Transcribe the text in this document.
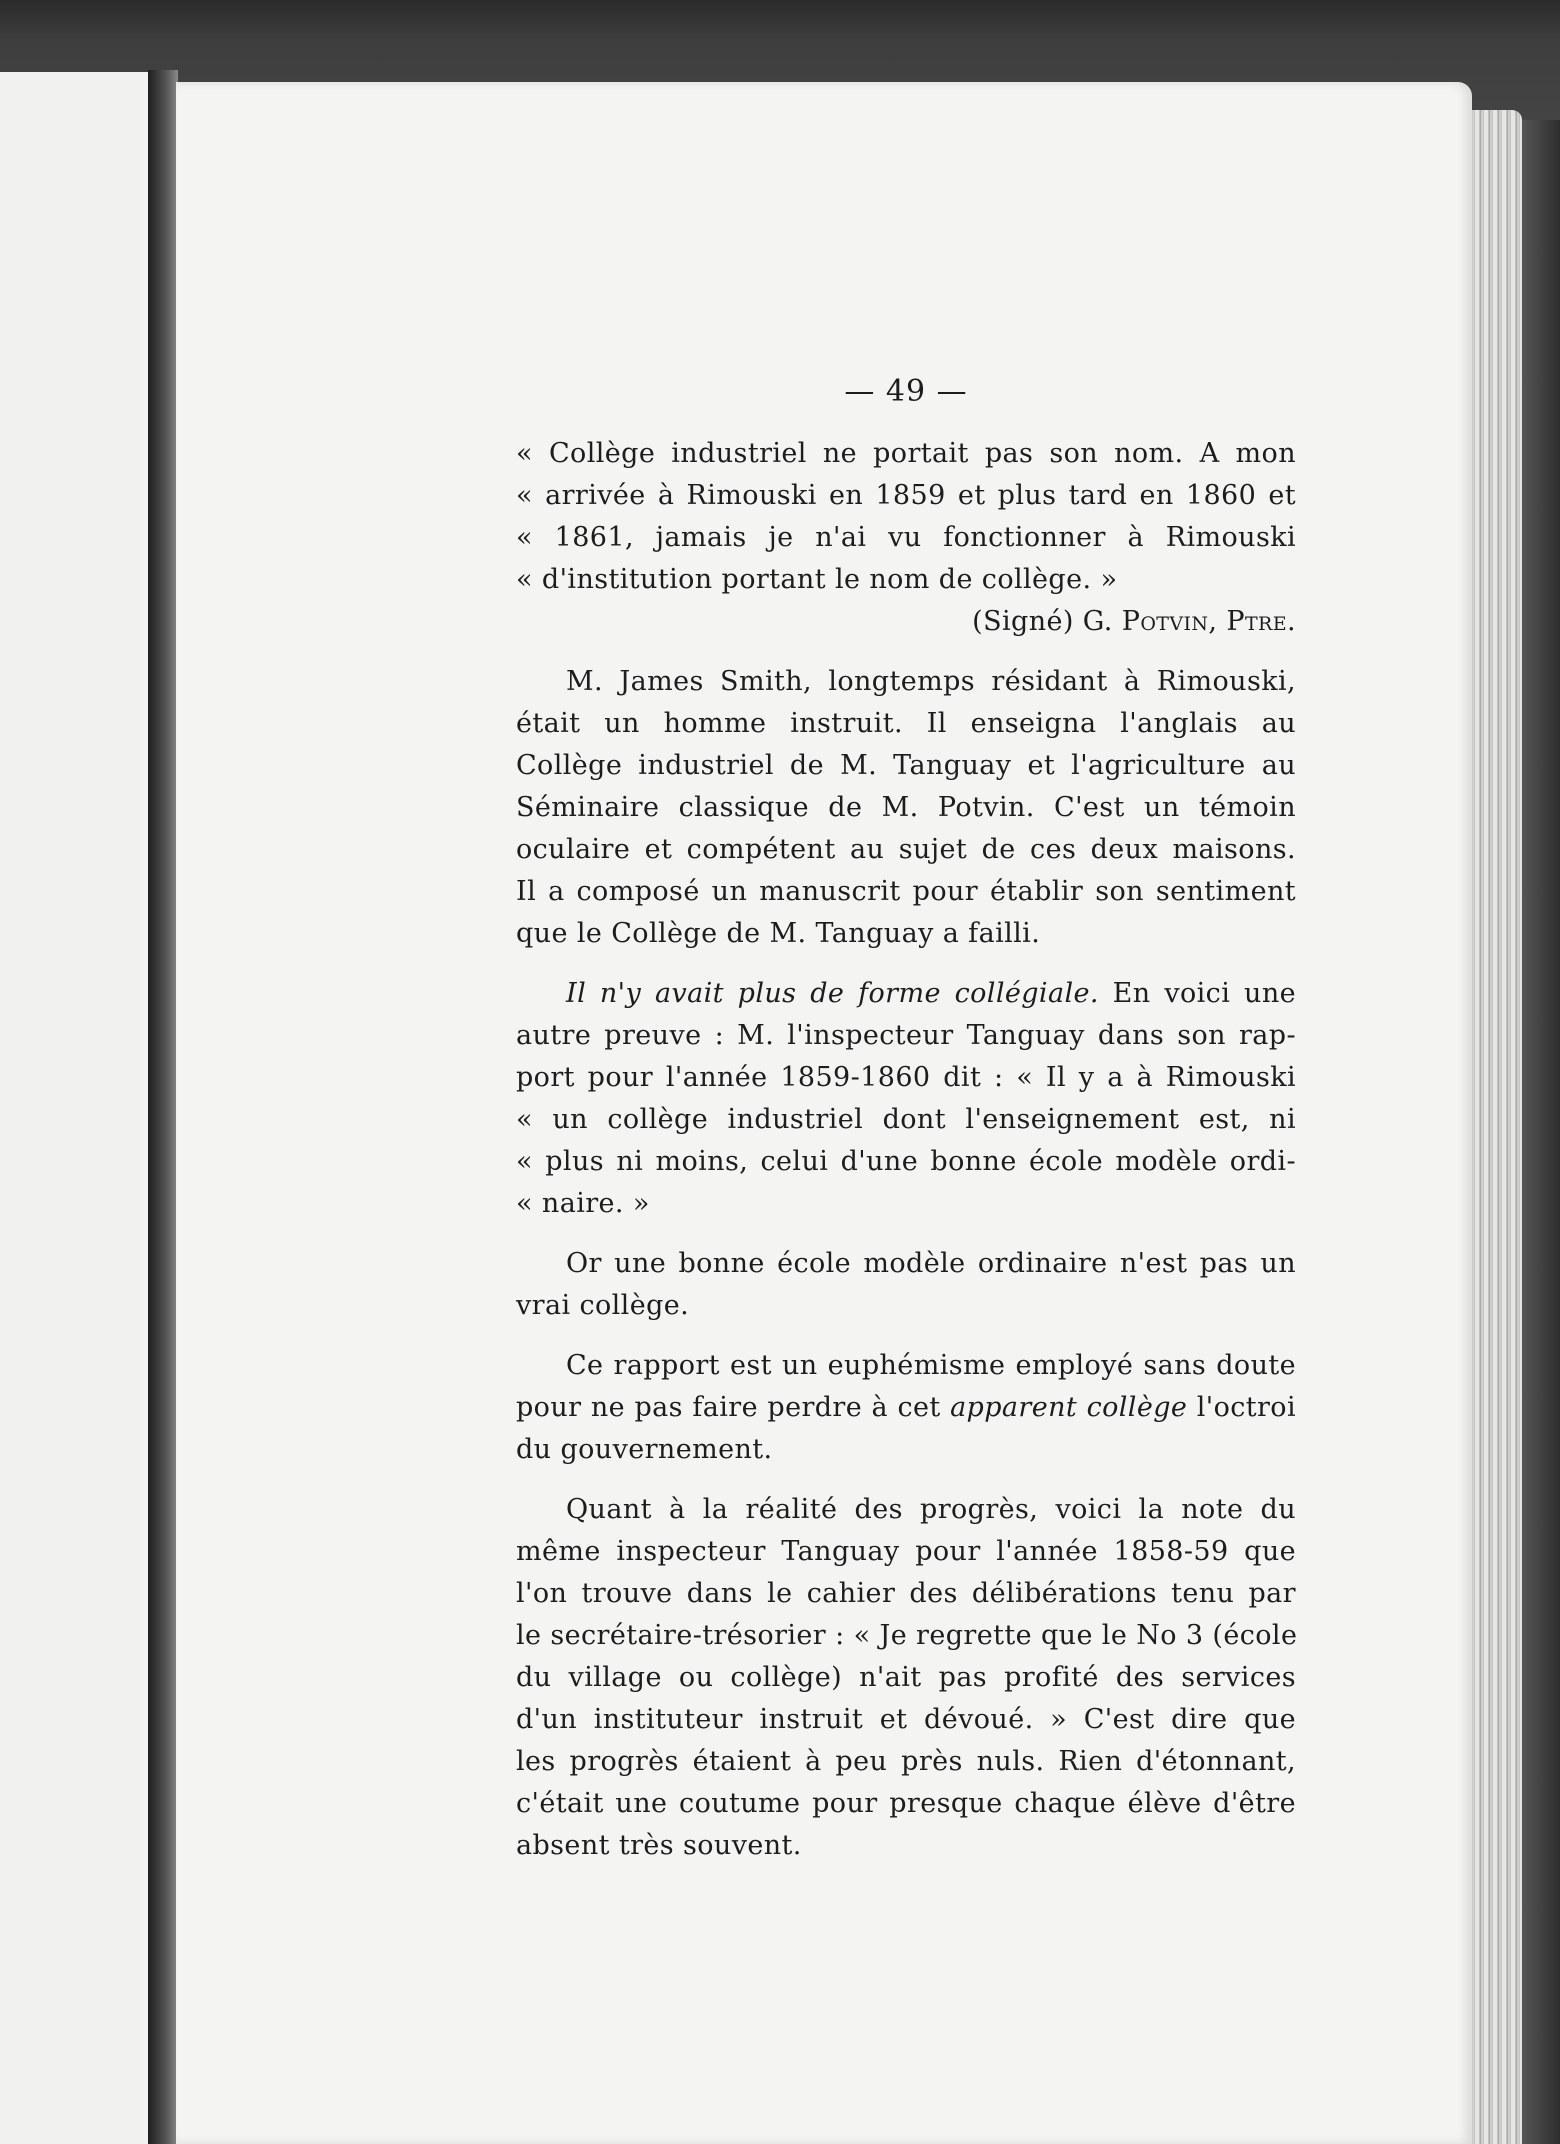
— 49 —
« Collège industriel ne portait pas son nom. A mon
« arrivée à Rimouski en 1859 et plus tard en 1860 et
« 1861, jamais je n'ai vu fonctionner à Rimouski
« d'institution portant le nom de collège. »
(Signé) G. Potvin, Ptre.
M. James Smith, longtemps résidant à Rimouski,
était un homme instruit. Il enseigna l'anglais au
Collège industriel de M. Tanguay et l'agriculture au
Séminaire classique de M. Potvin. C'est un témoin
oculaire et compétent au sujet de ces deux maisons.
Il a composé un manuscrit pour établir son sentiment
que le Collège de M. Tanguay a failli.
Il n'y avait plus de forme collégiale. En voici une
autre preuve : M. l'inspecteur Tanguay dans son rap-
port pour l'année 1859-1860 dit : « Il y a à Rimouski
« un collège industriel dont l'enseignement est, ni
« plus ni moins, celui d'une bonne école modèle ordi-
« naire. »
Or une bonne école modèle ordinaire n'est pas un
vrai collège.
Ce rapport est un euphémisme employé sans doute
pour ne pas faire perdre à cet apparent collège l'octroi
du gouvernement.
Quant à la réalité des progrès, voici la note du
même inspecteur Tanguay pour l'année 1858-59 que
l'on trouve dans le cahier des délibérations tenu par
le secrétaire-trésorier : « Je regrette que le No 3 (école
du village ou collège) n'ait pas profité des services
d'un instituteur instruit et dévoué. » C'est dire que
les progrès étaient à peu près nuls. Rien d'étonnant,
c'était une coutume pour presque chaque élève d'être
absent très souvent.
